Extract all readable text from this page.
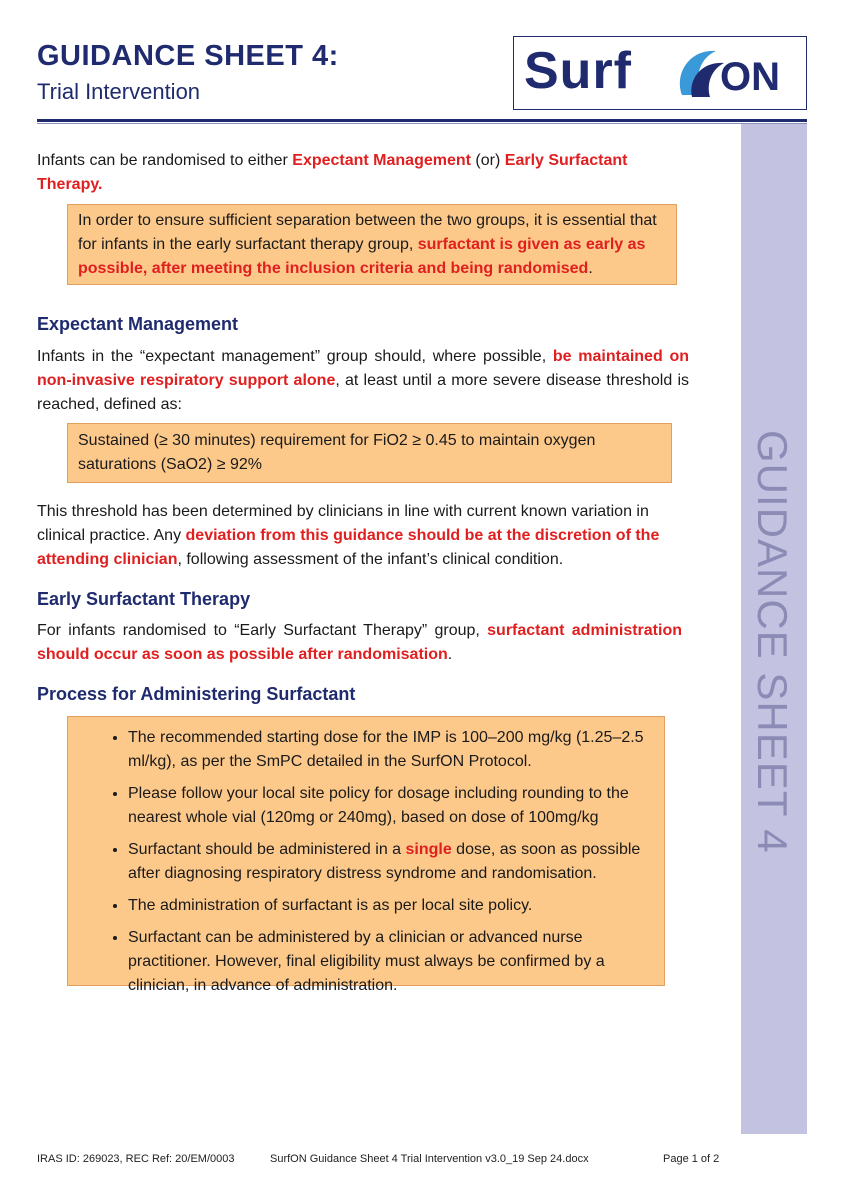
GUIDANCE SHEET 4:
Trial Intervention	Surf ON
GUIDANCE SHEET 4
Infants can be randomised to either Expectant Management (or) Early Surfactant Therapy.
In order to ensure sufficient separation between the two groups, it is essential that for infants in the early surfactant therapy group, surfactant is given as early as possible, after meeting the inclusion criteria and being randomised.
Expectant Management
Infants in the “expectant management” group should, where possible, be maintained on non-invasive respiratory support alone, at least until a more severe disease threshold is reached, defined as:
Sustained (≥ 30 minutes) requirement for FiO2 ≥ 0.45 to maintain oxygen saturations (SaO2) ≥ 92%
This threshold has been determined by clinicians in line with current known variation in clinical practice. Any deviation from this guidance should be at the discretion of the attending clinician, following assessment of the infant’s clinical condition.
Early Surfactant Therapy
For infants randomised to “Early Surfactant Therapy” group, surfactant administration should occur as soon as possible after randomisation.
Process for Administering Surfactant
• The recommended starting dose for the IMP is 100–200 mg/kg (1.25–2.5 ml/kg), as per the SmPC detailed in the SurfON Protocol.
• Please follow your local site policy for dosage including rounding to the nearest whole vial (120mg or 240mg), based on dose of 100mg/kg
• Surfactant should be administered in a single dose, as soon as possible after diagnosing respiratory distress syndrome and randomisation.
• The administration of surfactant is as per local site policy.
• Surfactant can be administered by a clinician or advanced nurse practitioner. However, final eligibility must always be confirmed by a clinician, in advance of administration.
IRAS ID: 269023, REC Ref: 20/EM/0003	SurfON Guidance Sheet 4 Trial Intervention v3.0_19 Sep 24.docx	Page 1 of 2
